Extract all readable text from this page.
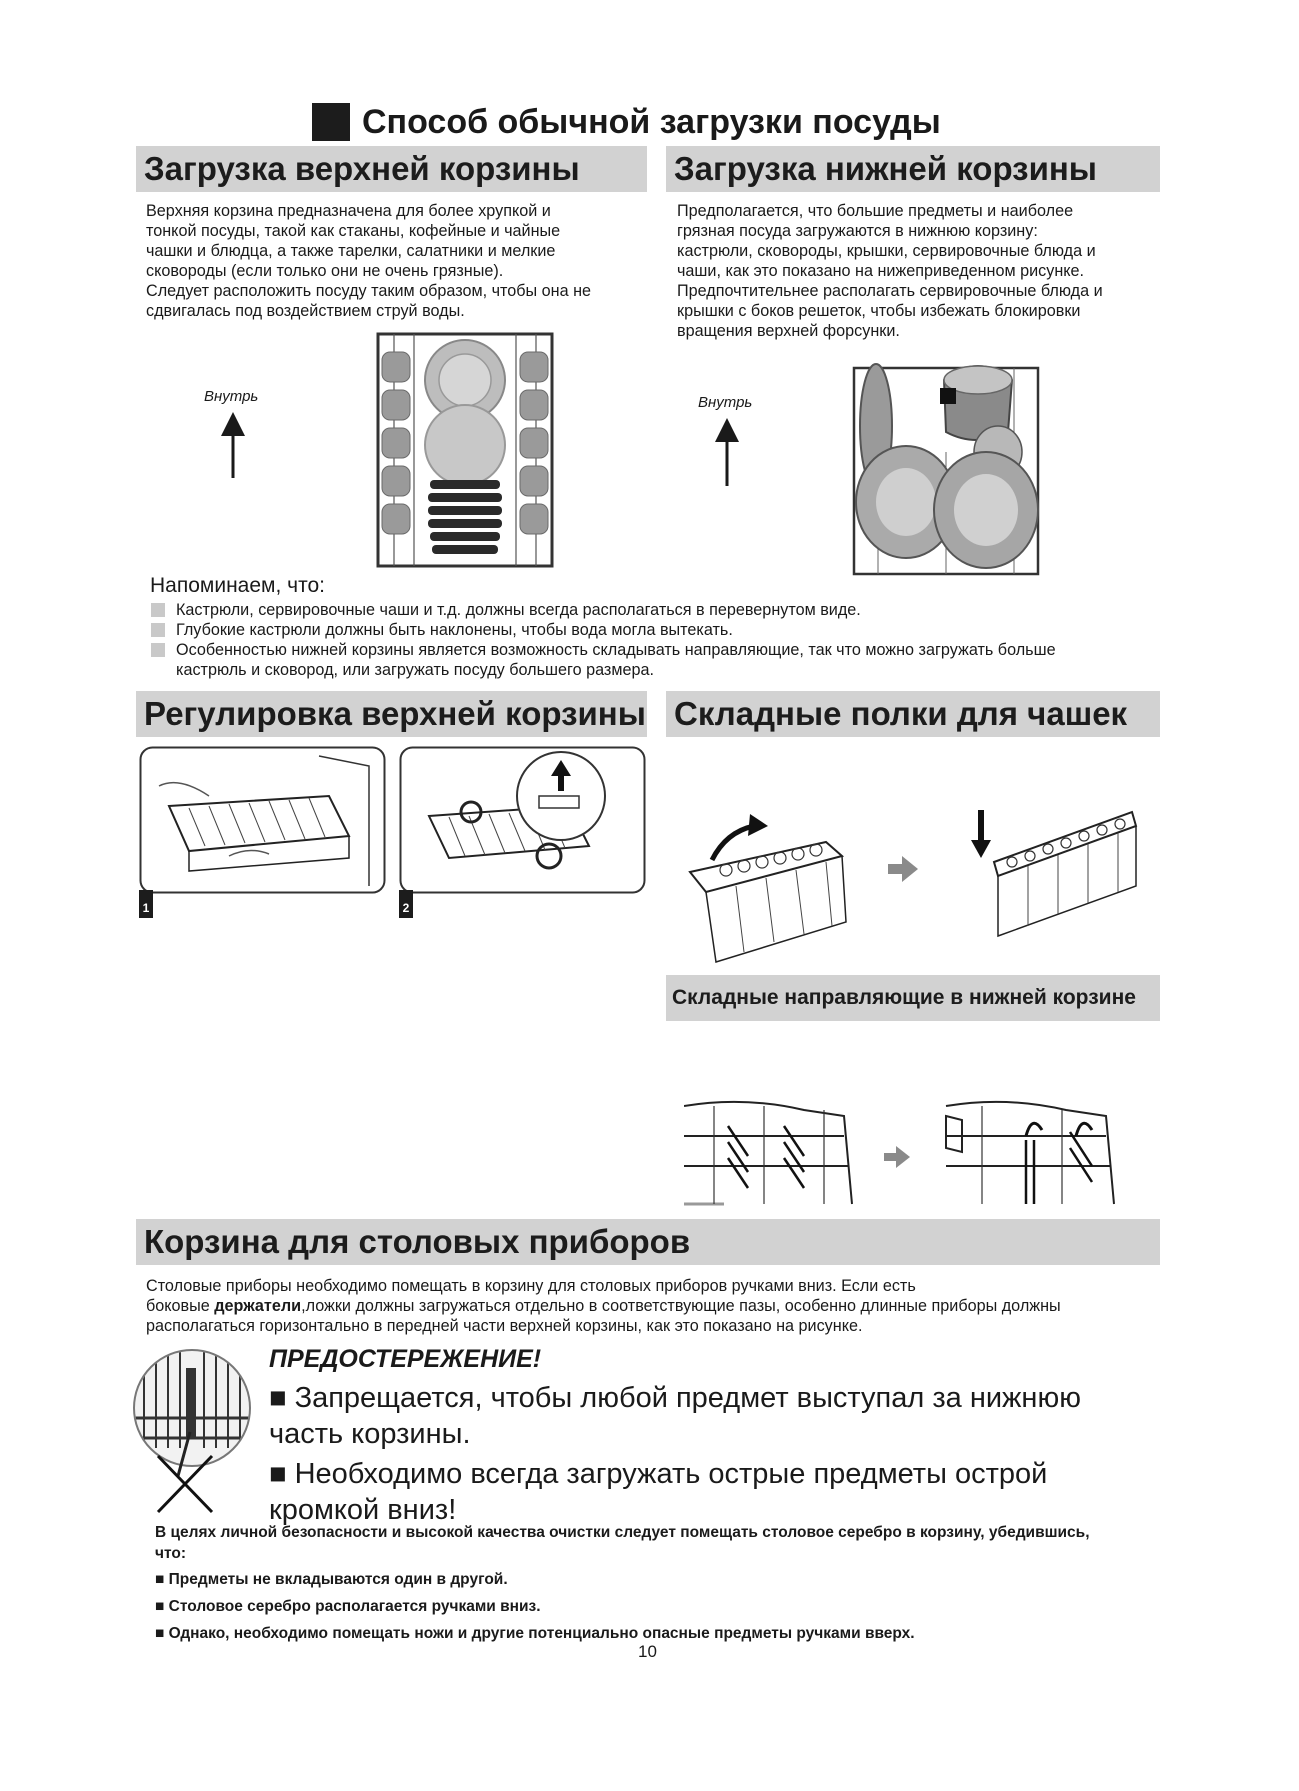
Способ обычной загрузки посуды
Загрузка верхней корзины
Верхняя корзина предназначена для более хрупкой и
тонкой посуды, такой как стаканы, кофейные и чайные
чашки и блюдца, а также тарелки, салатники и мелкие
сковороды (если только они не очень грязные).
Следует расположить посуду таким образом, чтобы она не
сдвигалась под воздействием струй воды.
Внутрь
Загрузка нижней корзины
Предполагается, что большие предметы и наиболее
грязная посуда загружаются в нижнюю корзину:
кастрюли, сковороды, крышки, сервировочные блюда и
чаши, как это показано на нижеприведенном рисунке.
Предпочтительнее располагать сервировочные блюда и
крышки с боков решеток, чтобы избежать блокировки
вращения верхней форсунки.
Внутрь
Напоминаем, что:
Кастрюли, сервировочные чаши и т.д. должны всегда располагаться в перевернутом виде.
Глубокие кастрюли должны быть наклонены, чтобы вода могла вытекать.
Особенностью нижней корзины является возможность складывать направляющие, так что можно загружать больше
кастрюль и сковород, или загружать посуду большего размера.
Регулировка верхней корзины
1	2
Складные полки для чашек
Складные направляющие в нижней корзине
Корзина для столовых приборов
Столовые приборы необходимо помещать в корзину для столовых приборов ручками вниз. Если есть
боковые держатели,ложки должны загружаться отдельно в соответствующие пазы, особенно длинные приборы должны
располагаться горизонтально в передней части верхней корзины, как это показано на рисунке.
ПРЕДОСТЕРЕЖЕНИЕ!
■ Запрещается, чтобы любой предмет выступал за нижнюю
часть корзины.
■ Необходимо всегда загружать острые предметы острой
кромкой вниз!
В целях личной безопасности и высокой качества очистки следует помещать столовое серебро в корзину, убедившись,
что:
■ Предметы не вкладываются один в другой.
■ Столовое серебро располагается ручками вниз.
■ Однако, необходимо помещать ножи и другие потенциально опасные предметы ручками вверх.
10
